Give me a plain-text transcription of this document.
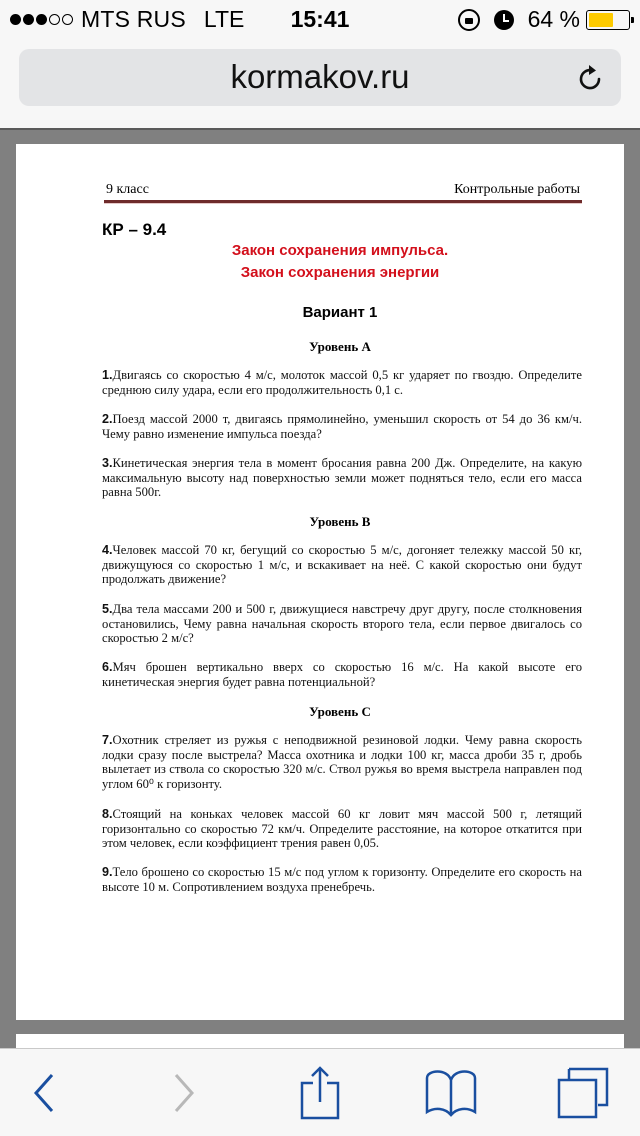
MTS RUS LTE	15:41	64 %
kormakov.ru
9 класс	Контрольные работы
КР – 9.4
Закон сохранения импульса.
Закон сохранения энергии
Вариант 1
Уровень А
1.Двигаясь со скоростью 4 м/с, молоток массой 0,5 кг ударяет по гвоздю. Определите среднюю силу удара, если его продолжительность 0,1 с.
2.Поезд массой 2000 т, двигаясь прямолинейно, уменьшил скорость от 54 до 36 км/ч. Чему равно изменение импульса поезда?
3.Кинетическая энергия тела в момент бросания равна 200 Дж. Определите, на какую максимальную высоту над поверхностью земли может подняться тело, если его масса равна 500г.
Уровень В
4.Человек массой 70 кг, бегущий со скоростью 5 м/с, догоняет тележку массой 50 кг, движущуюся со скоростью 1 м/с, и вскакивает на неё. С какой скоростью они будут продолжать движение?
5.Два тела массами 200 и 500 г, движущиеся навстречу друг другу, после столкновения остановились, Чему равна начальная скорость второго тела, если первое двигалось со скоростью 2 м/с?
6.Мяч брошен вертикально вверх со скоростью 16 м/с. На какой высоте его кинетическая энергия будет равна потенциальной?
Уровень С
7.Охотник стреляет из ружья с неподвижной резиновой лодки. Чему равна скорость лодки сразу после выстрела? Масса охотника и лодки 100 кг, масса дроби 35 г, дробь вылетает из ствола со скоростью 320 м/с. Ствол ружья во время выстрела направлен под углом 60⁰ к горизонту.
8.Стоящий на коньках человек массой 60 кг ловит мяч массой 500 г, летящий горизонтально со скоростью 72 км/ч. Определите расстояние, на которое откатится при этом человек, если коэффициент трения равен 0,05.
9.Тело брошено со скоростью 15 м/с под углом к горизонту. Определите его скорость на высоте 10 м. Сопротивлением воздуха пренебречь.
